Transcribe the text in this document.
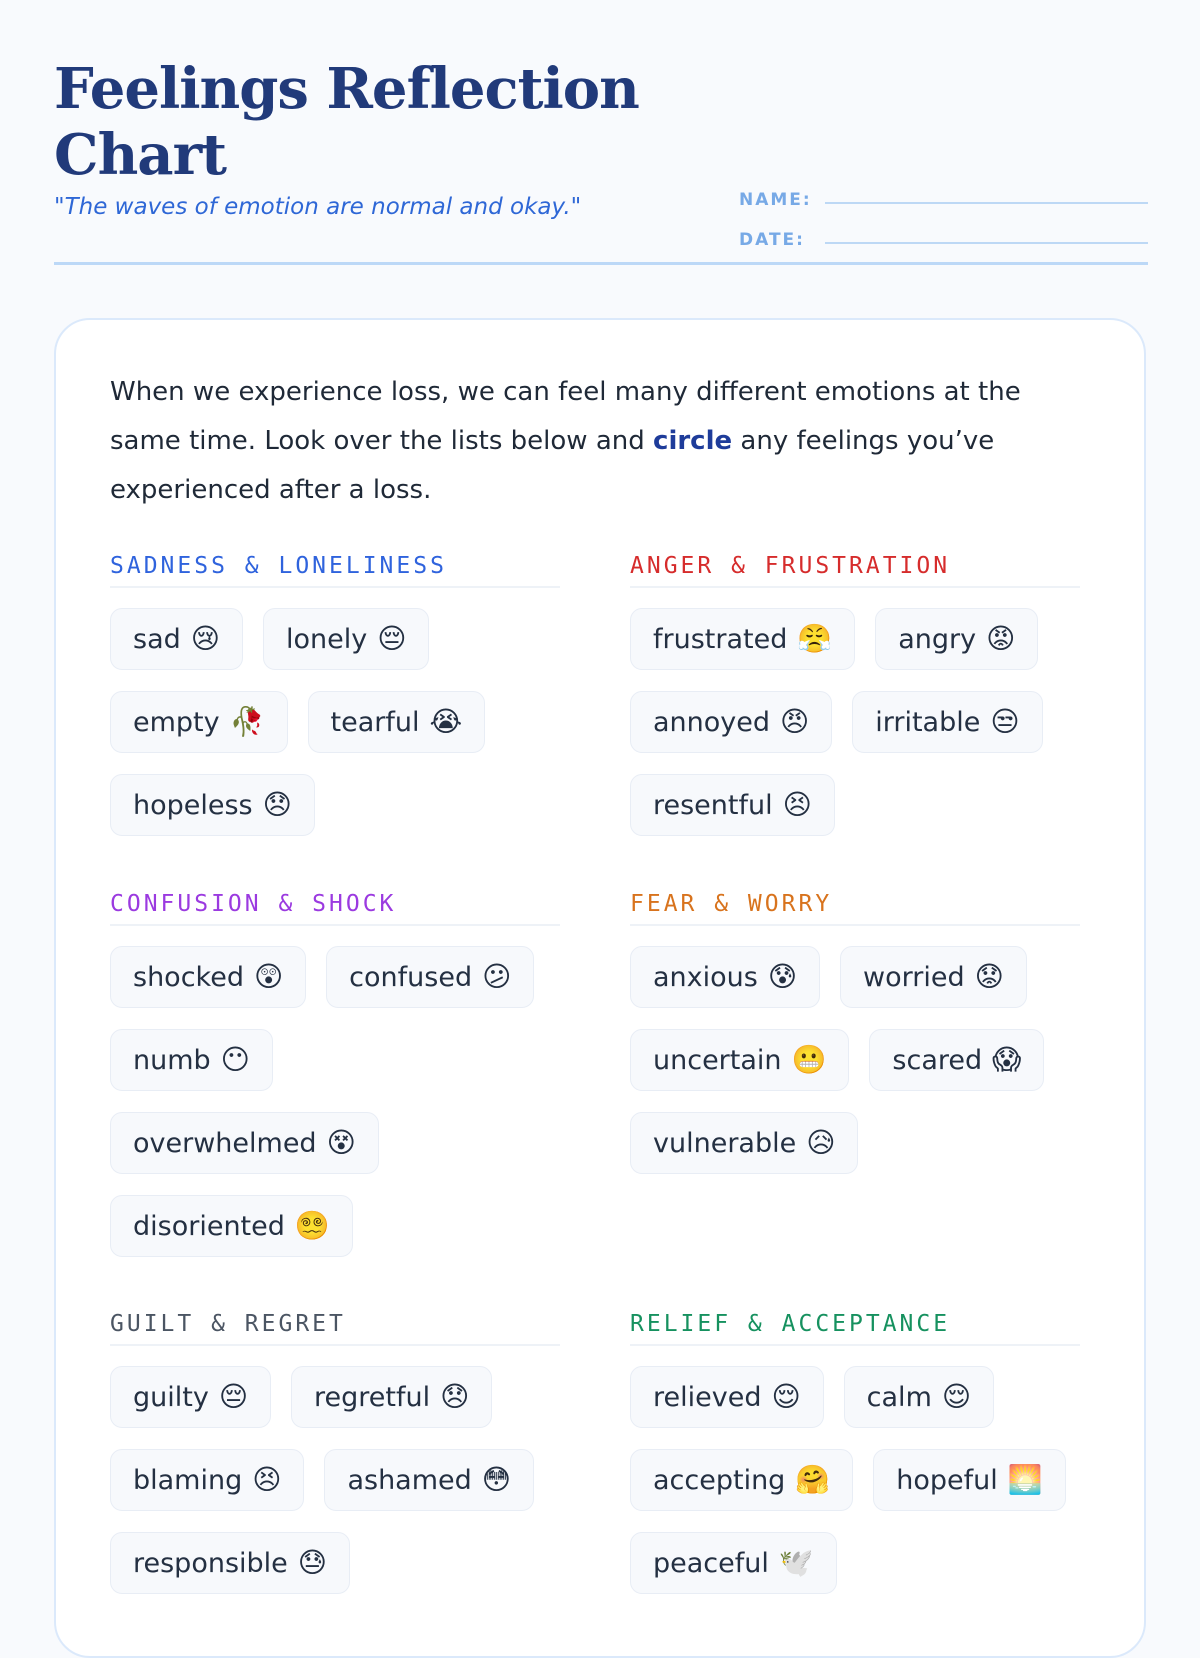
Feelings Reflection Chart
"The waves of emotion are normal and okay."	NAME:
DATE:

When we experience loss, we can feel many different emotions at the same time. Look over the lists below and circle any feelings you’ve experienced after a loss.

SADNESS & LONELINESS
sad 😢 lonely 😔
empty 🥀 tearful 😭
hopeless 😞
ANGER & FRUSTRATION
frustrated 😤 angry 😡
annoyed 😠 irritable 😒
resentful 😣
CONFUSION & SHOCK
shocked 😲 confused 😕
numb 😶
overwhelmed 😵
disoriented 😵‍💫
FEAR & WORRY
anxious 😰 worried 😟
uncertain 😬 scared 😱
vulnerable 😥
GUILT & REGRET
guilty 😔 regretful 😞
blaming 😣 ashamed 😳
responsible 😓
RELIEF & ACCEPTANCE
relieved 😌 calm 😌
accepting 🤗 hopeful 🌅
peaceful 🕊️
